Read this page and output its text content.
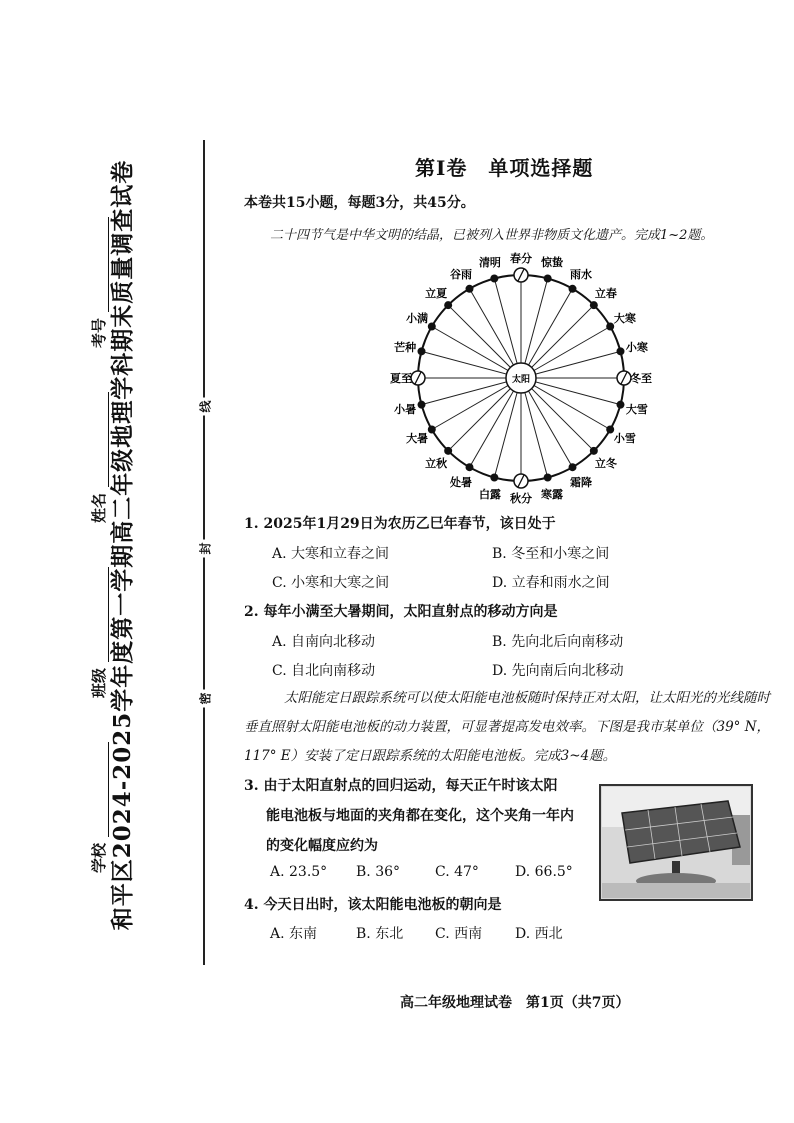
和平区2024-2025学年度第一学期高二年级地理学科期末质量调查试卷
学校
班级
姓名
考号
线
封
密
第Ⅰ卷　单项选择题
本卷共15小题，每题3分，共45分。
二十四节气是中华文明的结晶，已被列入世界非物质文化遗产。完成1~2题。
春分 惊蛰
雨水
立春
大寒
小寒
冬至
大雪
小雪
立冬
霜降
寒露
秋分
白露
处暑
立秋
大暑
小暑
夏至
芒种
小满
立夏
谷雨
清明
太阳
1. 2025年1月29日为农历乙巳年春节，该日处于
A. 大寒和立春之间	B. 冬至和小寒之间
C. 小寒和大寒之间	D. 立春和雨水之间
2. 每年小满至大暑期间，太阳直射点的移动方向是
A. 自南向北移动	B. 先向北后向南移动
C. 自北向南移动	D. 先向南后向北移动
太阳能定日跟踪系统可以使太阳能电池板随时保持正对太阳，让太阳光的光线随时垂直照射太阳能电池板的动力装置，可显著提高发电效率。下图是我市某单位（39° N，117° E）安装了定日跟踪系统的太阳能电池板。完成3~4题。
3. 由于太阳直射点的回归运动，每天正午时该太阳
能电池板与地面的夹角都在变化，这个夹角一年内
的变化幅度应约为
A. 23.5° B. 36° C. 47°	D. 66.5°
4. 今天日出时，该太阳能电池板的朝向是
A. 东南	B. 东北 C. 西南 D. 西北
高二年级地理试卷　第1页（共7页）
